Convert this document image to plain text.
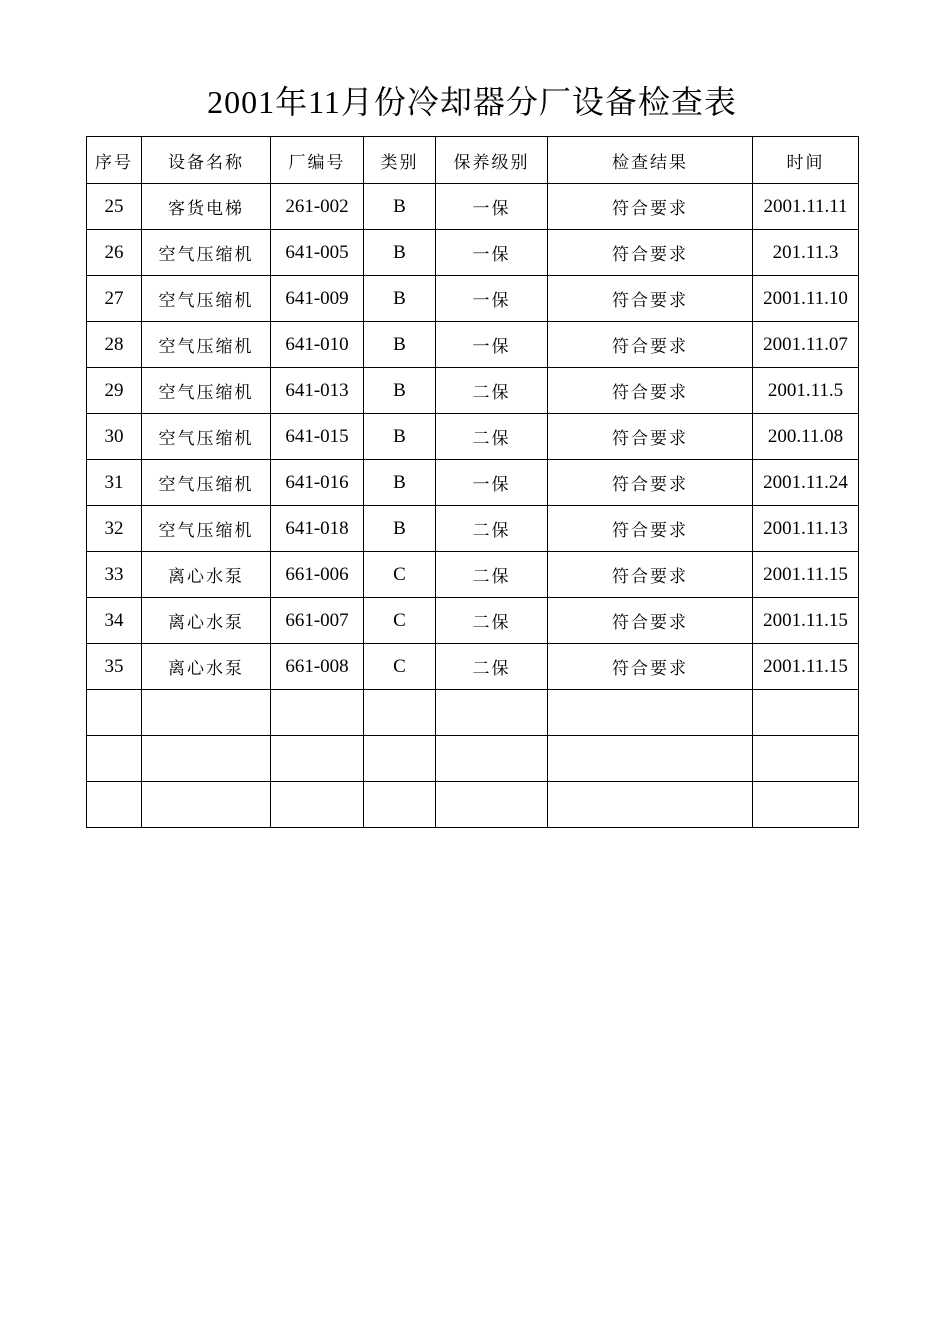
2001年11月份冷却器分厂设备检查表
序号	设备名称	厂编号	类别	保养级别	检查结果	时间
25	客货电梯	261-002	B	一保	符合要求	2001.11.11
26	空气压缩机	641-005	B	一保	符合要求	201.11.3
27	空气压缩机	641-009	B	一保	符合要求	2001.11.10
28	空气压缩机	641-010	B	一保	符合要求	2001.11.07
29	空气压缩机	641-013	B	二保	符合要求	2001.11.5
30	空气压缩机	641-015	B	二保	符合要求	200.11.08
31	空气压缩机	641-016	B	一保	符合要求	2001.11.24
32	空气压缩机	641-018	B	二保	符合要求	2001.11.13
33	离心水泵	661-006	C	二保	符合要求	2001.11.15
34	离心水泵	661-007	C	二保	符合要求	2001.11.15
35	离心水泵	661-008	C	二保	符合要求	2001.11.15
